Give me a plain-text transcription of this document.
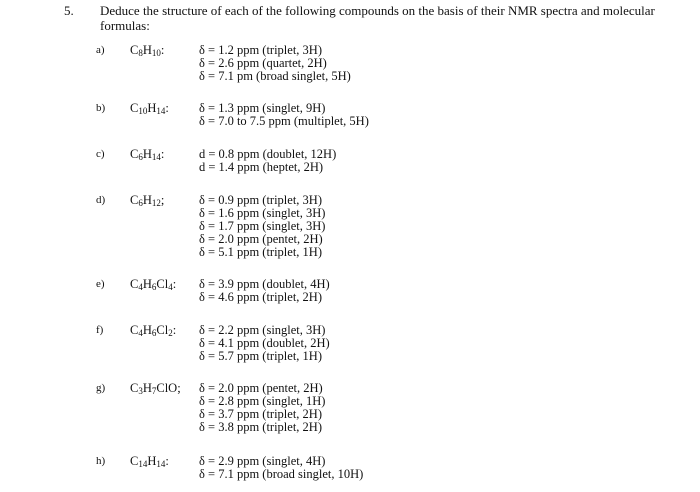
5. Deduce the structure of each of the following compounds on the basis of their NMR spectra and molecular
formulas:
a) $C_8H_{10}$:	δ = 1.2 ppm (triplet, 3H)
δ = 2.6 ppm (quartet, 2H)
δ = 7.1 pm (broad singlet, 5H)
b) $C_{10}H_{14}$: δ = 1.3 ppm (singlet, 9H)
δ = 7.0 to 7.5 ppm (multiplet, 5H)
c) $C_6H_{14}$:	d = 0.8 ppm (doublet, 12H)
d = 1.4 ppm (heptet, 2H)
d) $C_6H_{12}$;	δ = 0.9 ppm (triplet, 3H)
δ = 1.6 ppm (singlet, 3H)
δ = 1.7 ppm (singlet, 3H)
δ = 2.0 ppm (pentet, 2H)
δ = 5.1 ppm (triplet, 1H)
e) $C_4H_6Cl_4$: δ = 3.9 ppm (doublet, 4H)
δ = 4.6 ppm (triplet, 2H)
f) $C_4H_6Cl_2$: δ = 2.2 ppm (singlet, 3H)
δ = 4.1 ppm (doublet, 2H)
δ = 5.7 ppm (triplet, 1H)
g) $C_3H_7ClO$; δ = 2.0 ppm (pentet, 2H)
δ = 2.8 ppm (singlet, 1H)
δ = 3.7 ppm (triplet, 2H)
δ = 3.8 ppm (triplet, 2H)
h) $C_{14}H_{14}$: δ = 2.9 ppm (singlet, 4H)
δ = 7.1 ppm (broad singlet, 10H)
